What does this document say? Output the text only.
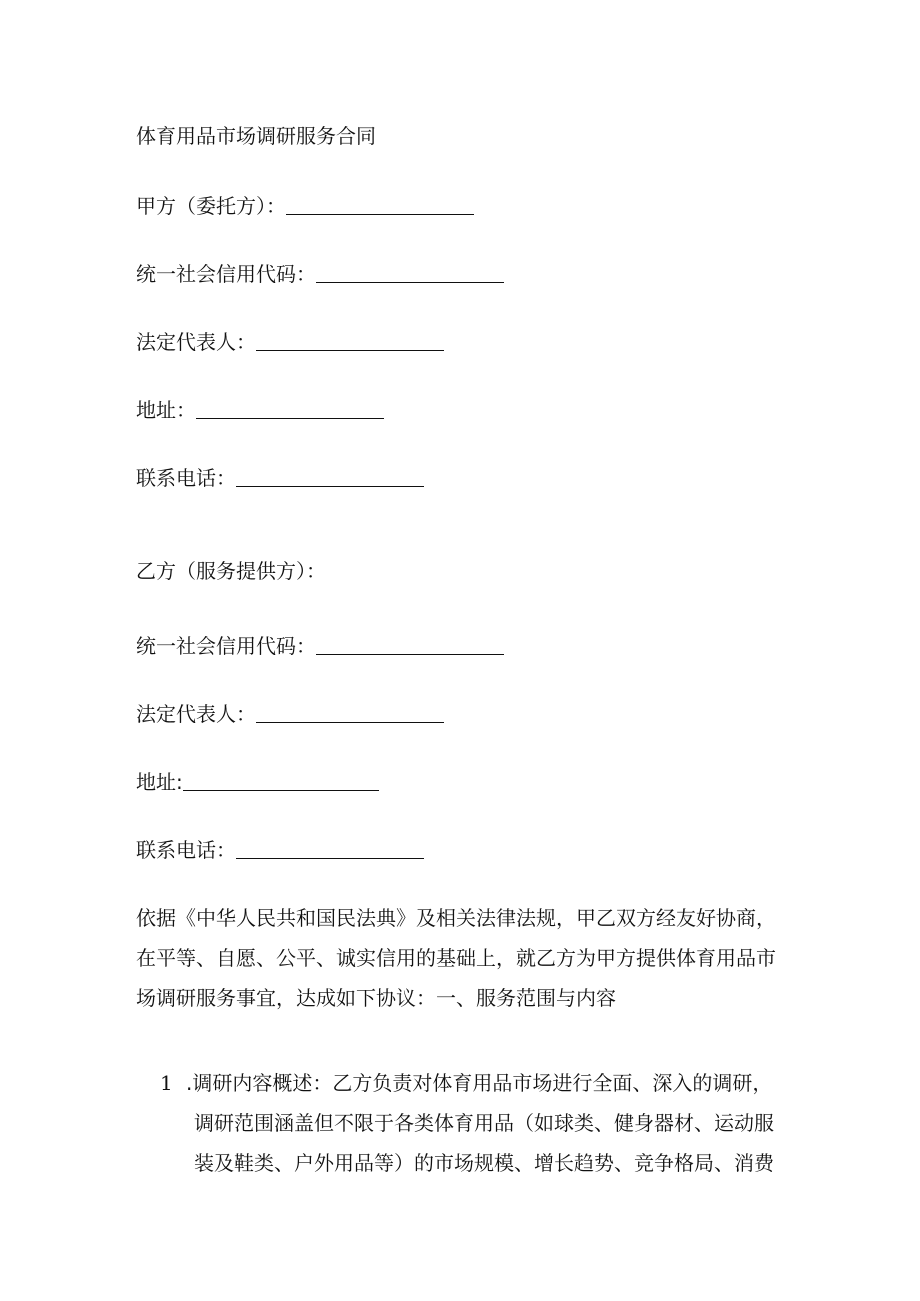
体育用品市场调研服务合同
甲方（委托方）：
统一社会信用代码：
法定代表人：
地址：
联系电话：
乙方（服务提供方）：
统一社会信用代码：
法定代表人：
地址:
联系电话：
依据《中华人民共和国民法典》及相关法律法规，甲乙双方经友好协商，
在平等、自愿、公平、诚实信用的基础上，就乙方为甲方提供体育用品市
场调研服务事宜，达成如下协议：一、服务范围与内容
1 .调研内容概述：乙方负责对体育用品市场进行全面、深入的调研，
调研范围涵盖但不限于各类体育用品（如球类、健身器材、运动服
装及鞋类、户外用品等）的市场规模、增长趋势、竞争格局、消费
